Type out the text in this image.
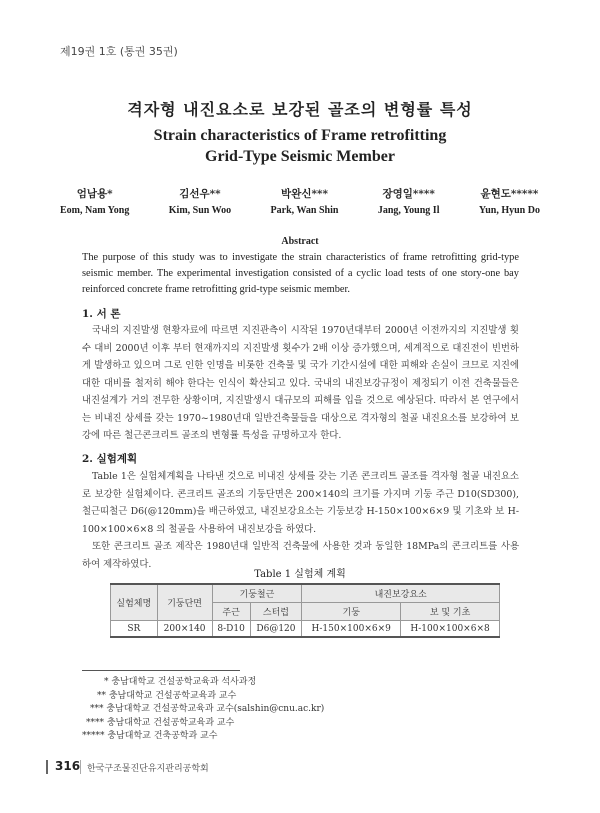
제19권 1호 (통권 35권)
격자형 내진요소로 보강된 골조의 변형률 특성
Strain characteristics of Frame retrofitting
Grid-Type Seismic Member
엄남용*
Eom, Nam Yong
김선우**
Kim, Sun Woo
박완신***
Park, Wan Shin
장영일****
Jang, Young Il
윤현도*****
Yun, Hyun Do
Abstract
The purpose of this study was to investigate the strain characteristics of frame retrofitting grid-type seismic member. The experimental investigation consisted of a cyclic load tests of one story-one bay reinforced concrete frame retrofitting grid-type seismic member.
1. 서 론

국내의 지진발생 현황자료에 따르면 지진관측이 시작된 1970년대부터 2000년 이전까지의 지진발생 횟수 대비 2000년 이후 부터 현재까지의 지진발생 횟수가 2배 이상 증가했으며, 세계적으로 대진전이 빈번하게 발생하고 있으며 그로 인한 인명을 비롯한 건축물 및 국가 기간시설에 대한 피해와 손실이 크므로 지진에 대한 대비를 철저히 해야 한다는 인식이 확산되고 있다. 국내의 내진보강규정이 제정되기 이전 건축물들은 내진설계가 거의 전무한 상황이며, 지진발생시 대규모의 피해를 입을 것으로 예상된다. 따라서 본 연구에서는 비내진 상세를 갖는 1970~1980년대 일반건축물들을 대상으로 격자형의 철골 내진요소를 보강하여 보강에 따른 철근콘크리트 골조의 변형률 특성을 규명하고자 한다.

2. 실험계획

Table 1은 실험체계획을 나타낸 것으로 비내진 상세를 갖는 기존 콘크리트 골조를 격자형 철골 내진요소로 보강한 실험체이다. 콘크리트 골조의 기둥단면은 200×140의 크기를 가지며 기둥 주근 D10(SD300), 철근띠철근 D6(@120mm)을 배근하였고, 내진보강요소는 기둥보강 H-150×100×6×9 및 기초와 보 H-100×100×6×8 의 철골을 사용하여 내진보강을 하였다.

또한 콘크리트 골조 제작은 1980년대 일반적 건축물에 사용한 것과 동일한 18MPa의 콘크리트를 사용하여 제작하였다.

Table 1 실험체 계획
실험체명	기둥단면	기둥철근		내진보강요소	
		주근	스터럽	기둥	보 및 기초
SR	200×140	8-D10	D6@120	H-150×100×6×9	H-100×100×6×8
* 충남대학교 건설공학교육과 석사과정
** 충남대학교 건설공학교육과 교수
*** 충남대학교 건설공학교육과 교수(salshin@cnu.ac.kr)
**** 충남대학교 건설공학교육과 교수
***** 충남대학교 건축공학과 교수
316 한국구조물진단유지관리공학회
